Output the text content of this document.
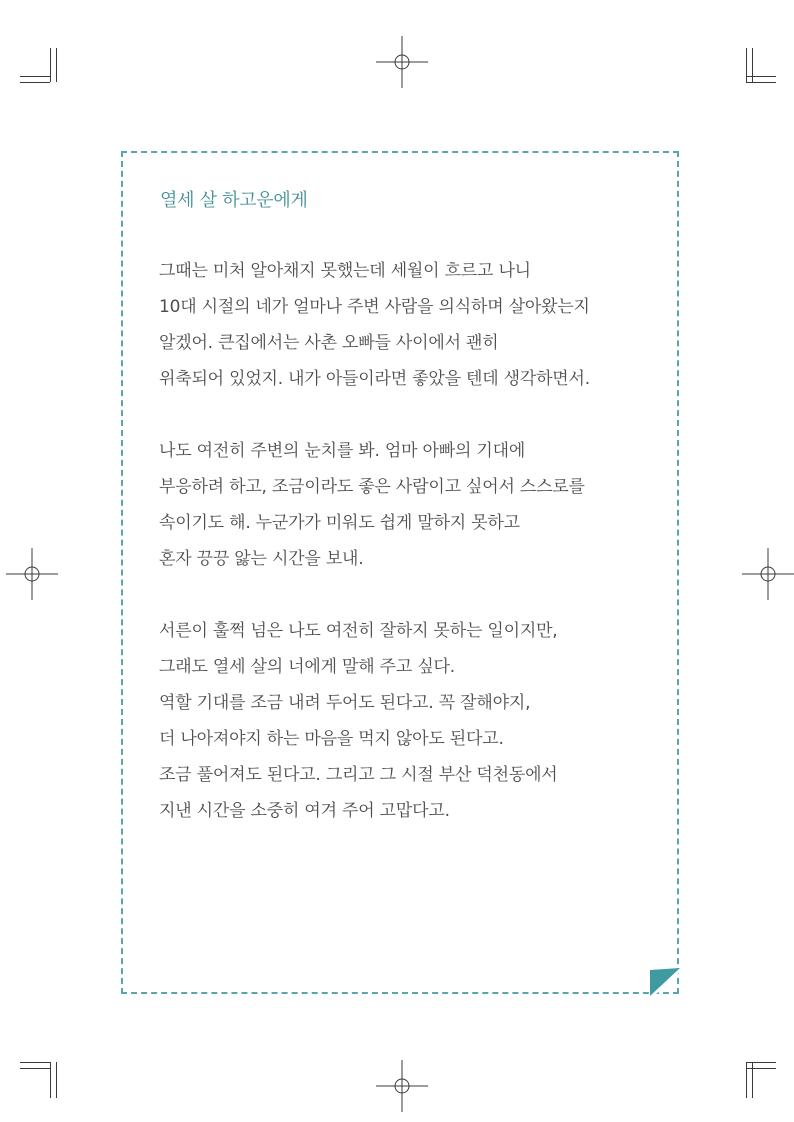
열세 살 하고운에게
그때는 미처 알아채지 못했는데 세월이 흐르고 나니
10대 시절의 네가 얼마나 주변 사람을 의식하며 살아왔는지
알겠어. 큰집에서는 사촌 오빠들 사이에서 괜히
위축되어 있었지. 내가 아들이라면 좋았을 텐데 생각하면서.
나도 여전히 주변의 눈치를 봐. 엄마 아빠의 기대에
부응하려 하고, 조금이라도 좋은 사람이고 싶어서 스스로를
속이기도 해. 누군가가 미워도 쉽게 말하지 못하고
혼자 끙끙 앓는 시간을 보내.
서른이 훌쩍 넘은 나도 여전히 잘하지 못하는 일이지만,
그래도 열세 살의 너에게 말해 주고 싶다.
역할 기대를 조금 내려 두어도 된다고. 꼭 잘해야지,
더 나아져야지 하는 마음을 먹지 않아도 된다고.
조금 풀어져도 된다고. 그리고 그 시절 부산 덕천동에서
지낸 시간을 소중히 여겨 주어 고맙다고.
